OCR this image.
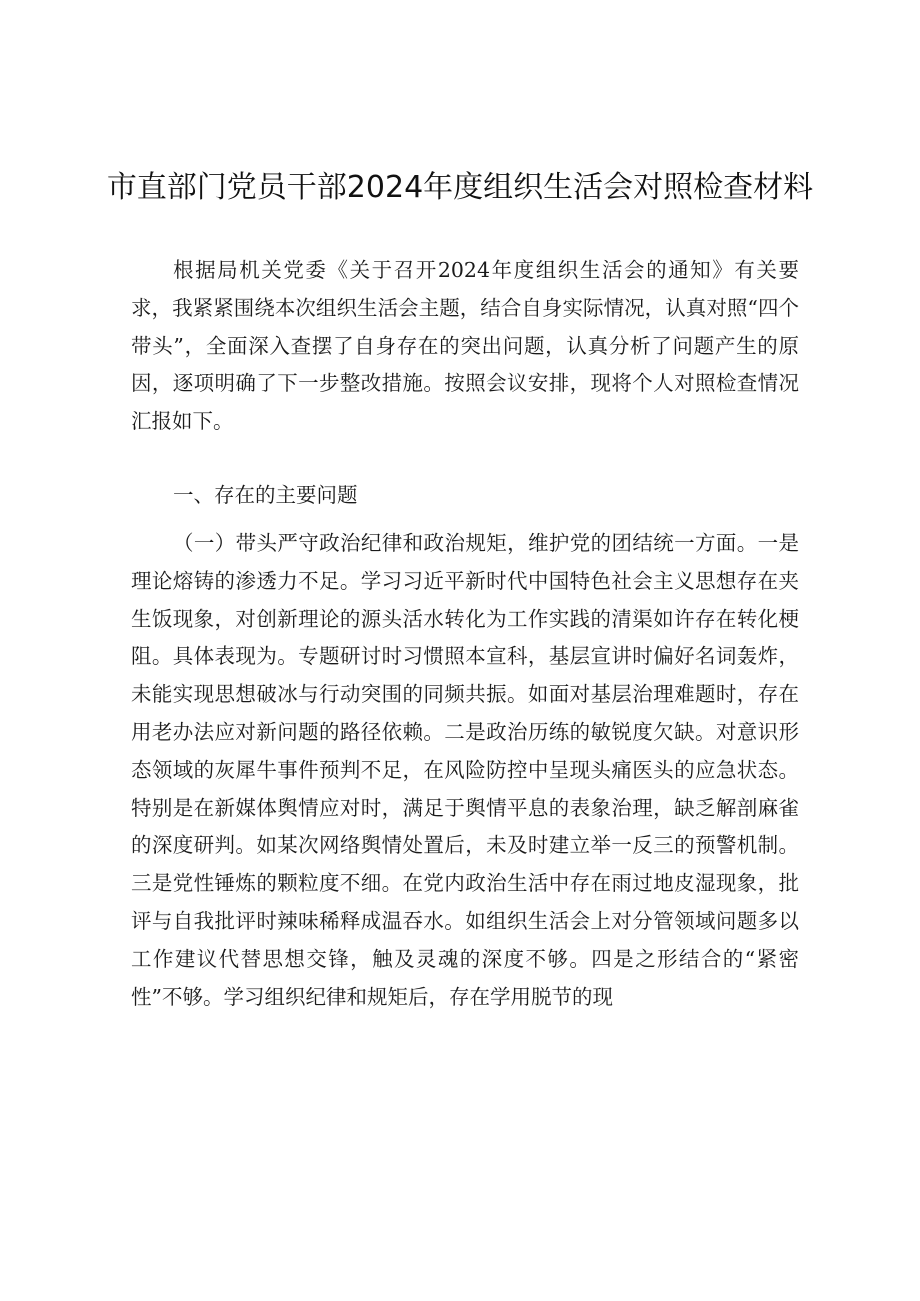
市直部门党员干部2024年度组织生活会对照检查材料

根据局机关党委《关于召开2024年度组织生活会的通知》有关要求，我紧紧围绕本次组织生活会主题，结合自身实际情况，认真对照“四个带头”，全面深入查摆了自身存在的突出问题，认真分析了问题产生的原因，逐项明确了下一步整改措施。按照会议安排，现将个人对照检查情况汇报如下。

一、存在的主要问题

（一）带头严守政治纪律和政治规矩，维护党的团结统一方面。一是理论熔铸的渗透力不足。学习习近平新时代中国特色社会主义思想存在夹生饭现象，对创新理论的源头活水转化为工作实践的清渠如许存在转化梗阻。具体表现为。专题研讨时习惯照本宣科，基层宣讲时偏好名词轰炸，未能实现思想破冰与行动突围的同频共振。如面对基层治理难题时，存在用老办法应对新问题的路径依赖。二是政治历练的敏锐度欠缺。对意识形态领域的灰犀牛事件预判不足，在风险防控中呈现头痛医头的应急状态。特别是在新媒体舆情应对时，满足于舆情平息的表象治理，缺乏解剖麻雀的深度研判。如某次网络舆情处置后，未及时建立举一反三的预警机制。三是党性锤炼的颗粒度不细。在党内政治生活中存在雨过地皮湿现象，批评与自我批评时辣味稀释成温吞水。如组织生活会上对分管领域问题多以工作建议代替思想交锋，触及灵魂的深度不够。四是之形结合的“紧密性”不够。学习组织纪律和规矩后，存在学用脱节的现
